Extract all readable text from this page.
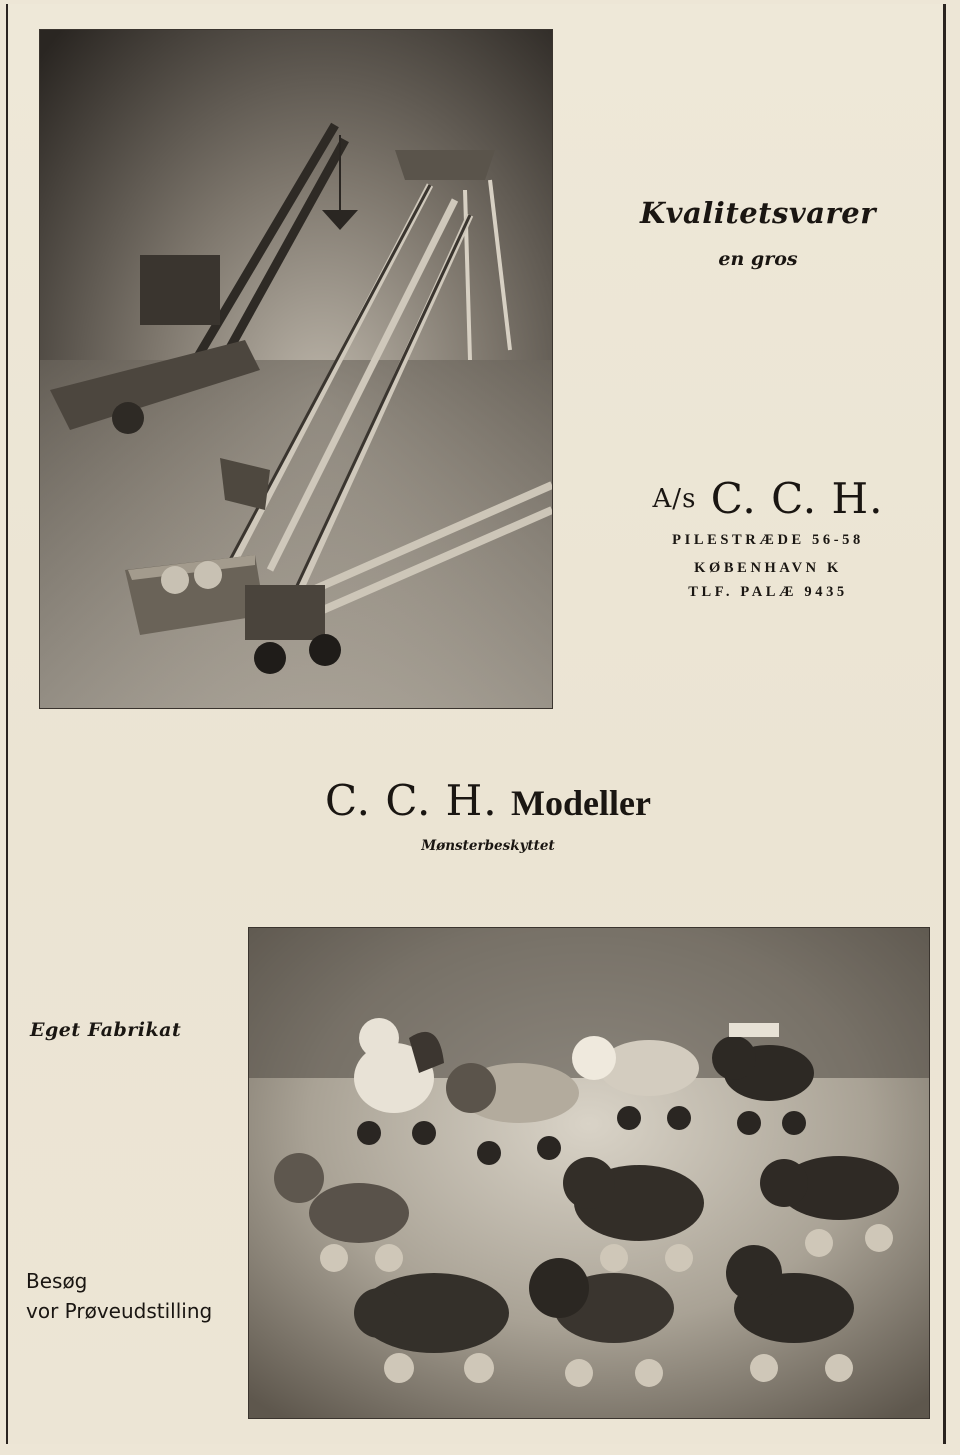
Kvalitetsvarer
en gros
A/s C. C. H.
PILESTRÆDE 56-58
KØBENHAVN K
TLF. PALÆ 9435
C. C. H. Modeller
Mønsterbeskyttet
Eget Fabrikat
Besøg
vor Prøveudstilling
